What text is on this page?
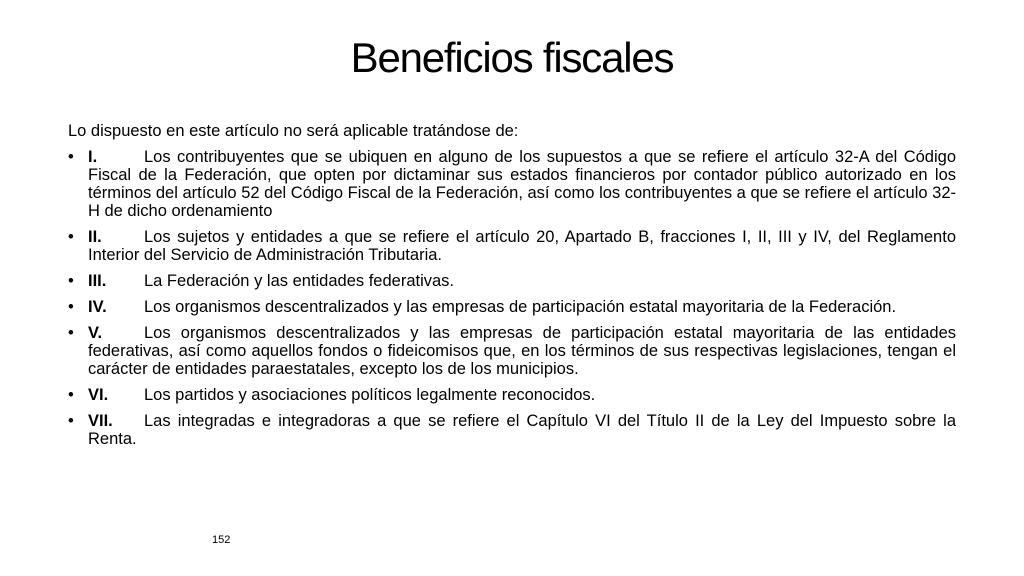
Beneficios fiscales

Lo dispuesto en este artículo no será aplicable tratándose de:

• I.	Los contribuyentes que se ubiquen en alguno de los supuestos a que se refiere el artículo 32-A del Código Fiscal de la Federación, que opten por dictaminar sus estados financieros por contador público autorizado en los términos del artículo 52 del Código Fiscal de la Federación, así como los contribuyentes a que se refiere el artículo 32-H de dicho ordenamiento
• II.	Los sujetos y entidades a que se refiere el artículo 20, Apartado B, fracciones I, II, III y IV, del Reglamento Interior del Servicio de Administración Tributaria.
• III. La Federación y las entidades federativas.
• IV. Los organismos descentralizados y las empresas de participación estatal mayoritaria de la Federación.
• V.	Los organismos descentralizados y las empresas de participación estatal mayoritaria de las entidades federativas, así como aquellos fondos o fideicomisos que, en los términos de sus respectivas legislaciones, tengan el carácter de entidades paraestatales, excepto los de los municipios.
• VI. Los partidos y asociaciones políticos legalmente reconocidos.
• VII. Las integradas e integradoras a que se refiere el Capítulo VI del Título II de la Ley del Impuesto sobre la Renta.
152
